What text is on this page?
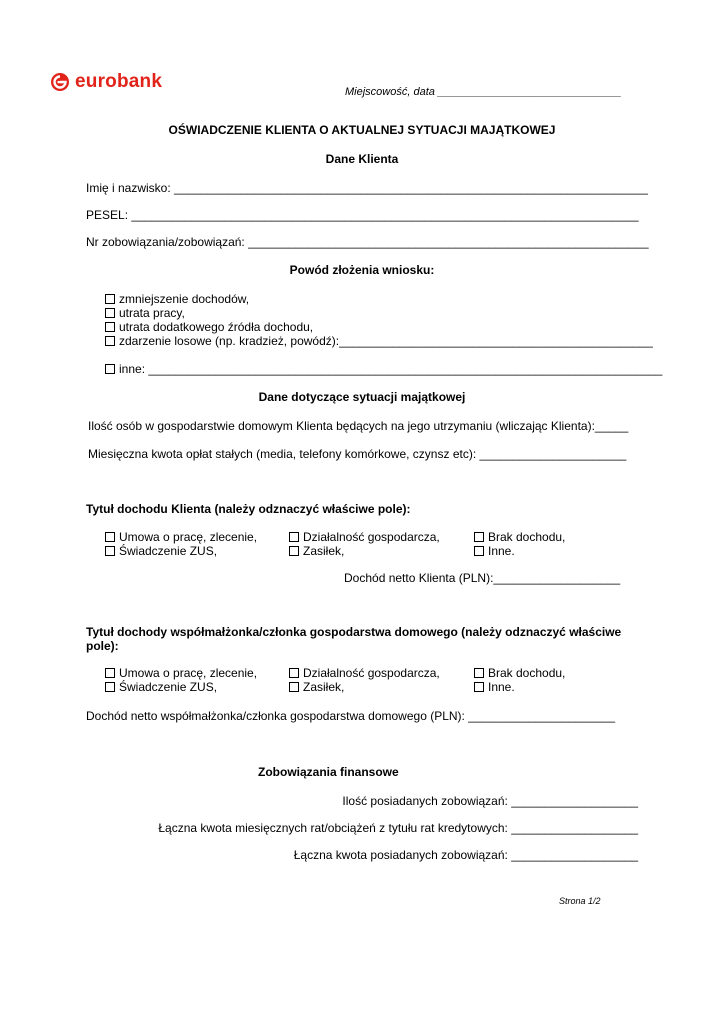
eurobank	Miejscowość, data ______________________________
OŚWIADCZENIE KLIENTA O AKTUALNEJ SYTUACJI MAJĄTKOWEJ
Dane Klienta
Imię i nazwisko: _______________________________________________________________________
PESEL: ____________________________________________________________________________
Nr zobowiązania/zobowiązań: ____________________________________________________________
Powód złożenia wniosku:
zmniejszenie dochodów,
utrata pracy,
utrata dodatkowego źródła dochodu,
zdarzenie losowe (np. kradzież, powódź):_______________________________________________
inne: _____________________________________________________________________________
Dane dotyczące sytuacji majątkowej
Ilość osób w gospodarstwie domowym Klienta będących na jego utrzymaniu (wliczając Klienta):_____
Miesięczna kwota opłat stałych (media, telefony komórkowe, czynsz etc): ______________________
Tytuł dochodu Klienta (należy odznaczyć właściwe pole):
Umowa o pracę, zlecenie,
Świadczenie ZUS,
Działalność gospodarcza,
Zasiłek,
Brak dochodu,
Inne.
Dochód netto Klienta (PLN):___________________
Tytuł dochody współmałżonka/członka gospodarstwa domowego (należy odznaczyć właściwe
pole):
Umowa o pracę, zlecenie,
Świadczenie ZUS,
Działalność gospodarcza,
Zasiłek,
Brak dochodu,
Inne.
Dochód netto współmałżonka/członka gospodarstwa domowego (PLN): ______________________
Zobowiązania finansowe
Ilość posiadanych zobowiązań: ___________________
Łączna kwota miesięcznych rat/obciążeń z tytułu rat kredytowych: ___________________
Łączna kwota posiadanych zobowiązań: ___________________
Strona 1/2
